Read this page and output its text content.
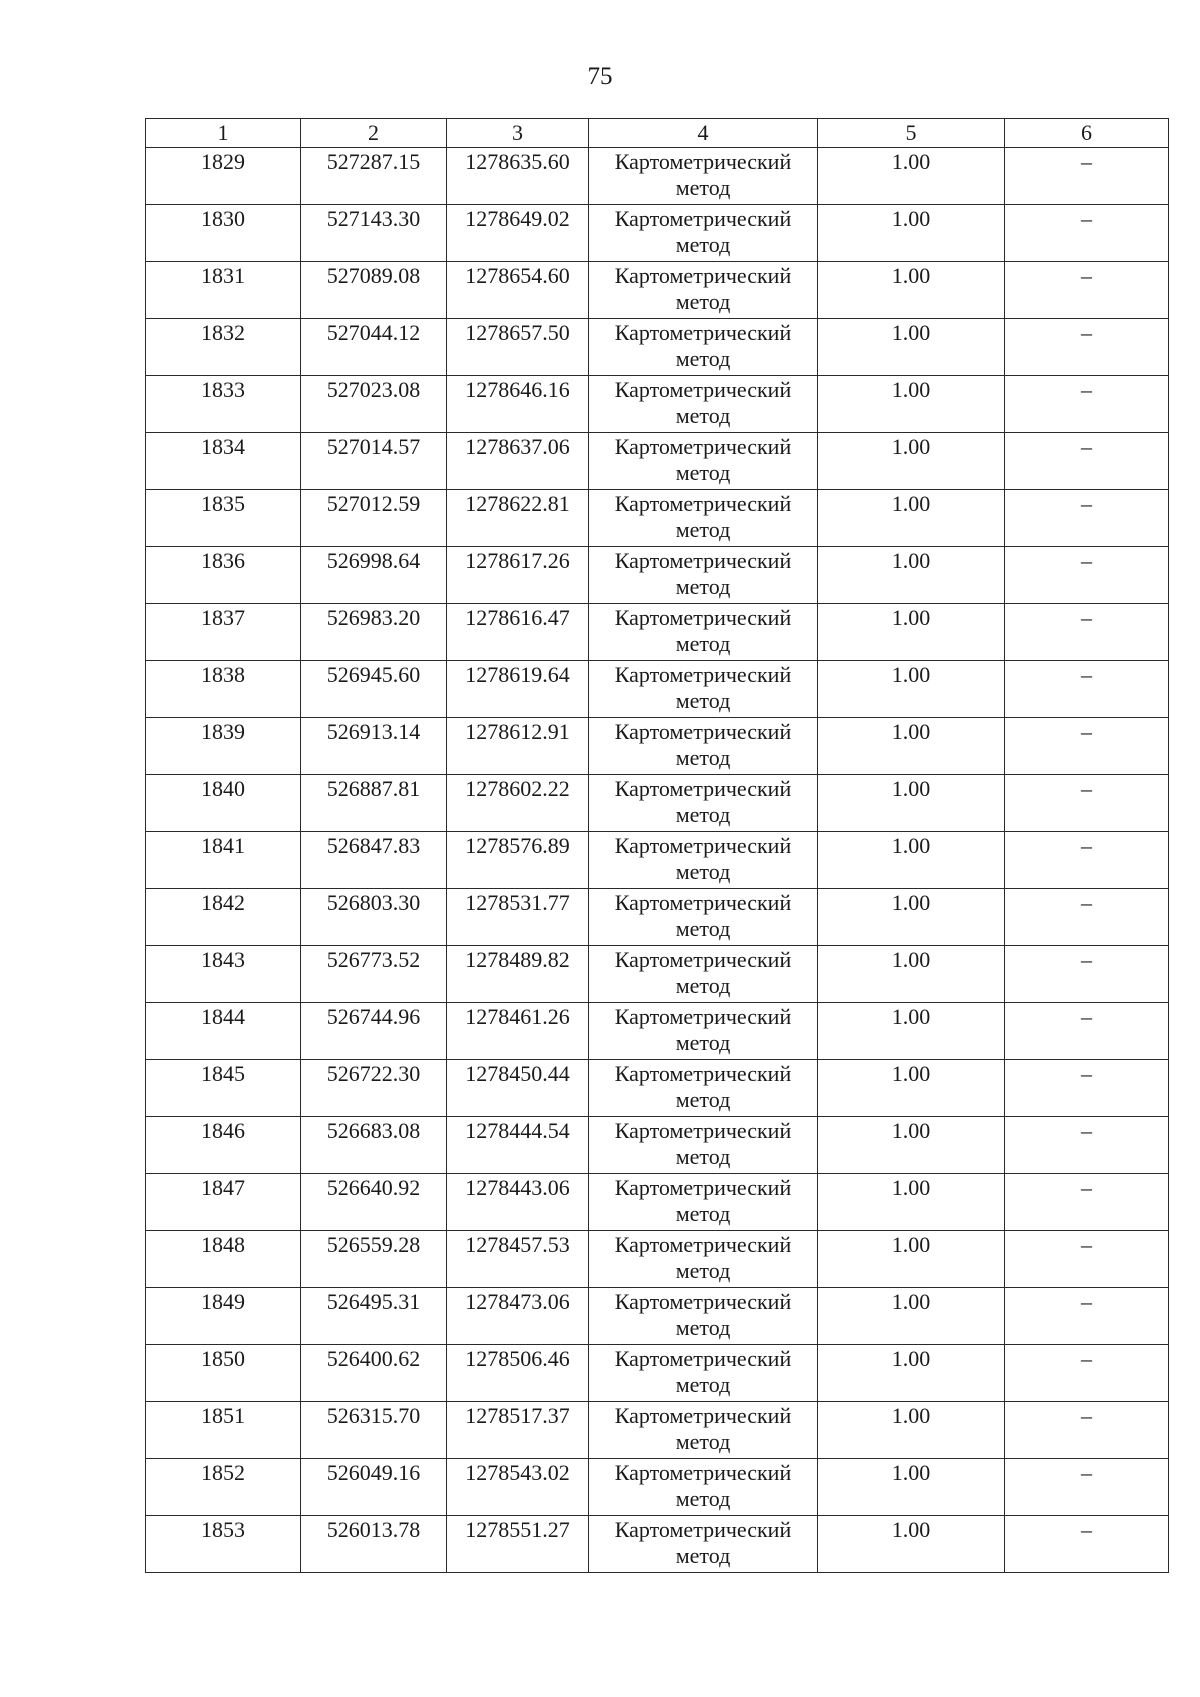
75
1	2	3	4	5	6
1829	527287.15	1278635.60	Картометрический метод	1.00	–
1830	527143.30	1278649.02	Картометрический метод	1.00	–
1831	527089.08	1278654.60	Картометрический метод	1.00	–
1832	527044.12	1278657.50	Картометрический метод	1.00	–
1833	527023.08	1278646.16	Картометрический метод	1.00	–
1834	527014.57	1278637.06	Картометрический метод	1.00	–
1835	527012.59	1278622.81	Картометрический метод	1.00	–
1836	526998.64	1278617.26	Картометрический метод	1.00	–
1837	526983.20	1278616.47	Картометрический метод	1.00	–
1838	526945.60	1278619.64	Картометрический метод	1.00	–
1839	526913.14	1278612.91	Картометрический метод	1.00	–
1840	526887.81	1278602.22	Картометрический метод	1.00	–
1841	526847.83	1278576.89	Картометрический метод	1.00	–
1842	526803.30	1278531.77	Картометрический метод	1.00	–
1843	526773.52	1278489.82	Картометрический метод	1.00	–
1844	526744.96	1278461.26	Картометрический метод	1.00	–
1845	526722.30	1278450.44	Картометрический метод	1.00	–
1846	526683.08	1278444.54	Картометрический метод	1.00	–
1847	526640.92	1278443.06	Картометрический метод	1.00	–
1848	526559.28	1278457.53	Картометрический метод	1.00	–
1849	526495.31	1278473.06	Картометрический метод	1.00	–
1850	526400.62	1278506.46	Картометрический метод	1.00	–
1851	526315.70	1278517.37	Картометрический метод	1.00	–
1852	526049.16	1278543.02	Картометрический метод	1.00	–
1853	526013.78	1278551.27	Картометрический метод	1.00	–
